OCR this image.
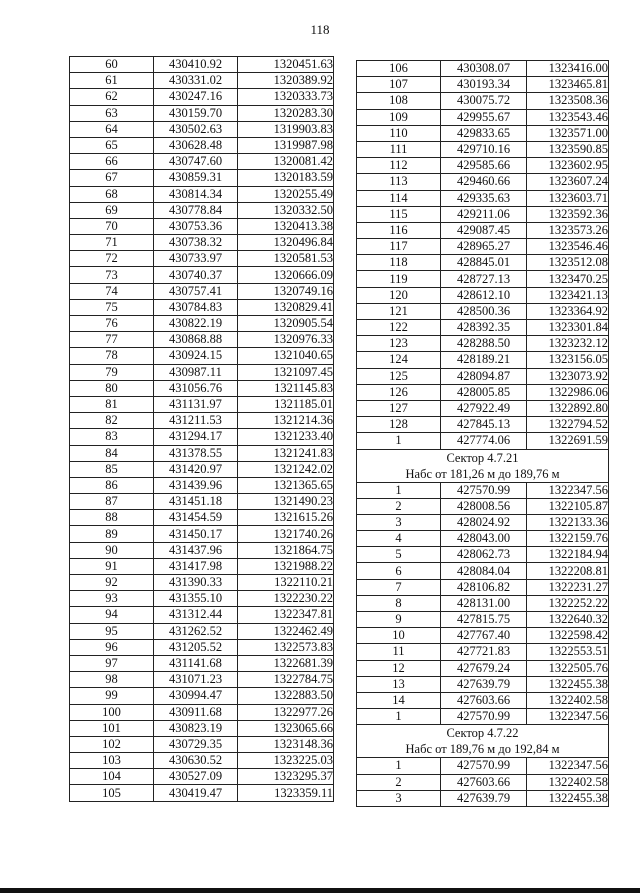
118
60	430410.92	1320451.63
61	430331.02	1320389.92
62	430247.16	1320333.73
63	430159.70	1320283.30
64	430502.63	1319903.83
65	430628.48	1319987.98
66	430747.60	1320081.42
67	430859.31	1320183.59
68	430814.34	1320255.49
69	430778.84	1320332.50
70	430753.36	1320413.38
71	430738.32	1320496.84
72	430733.97	1320581.53
73	430740.37	1320666.09
74	430757.41	1320749.16
75	430784.83	1320829.41
76	430822.19	1320905.54
77	430868.88	1320976.33
78	430924.15	1321040.65
79	430987.11	1321097.45
80	431056.76	1321145.83
81	431131.97	1321185.01
82	431211.53	1321214.36
83	431294.17	1321233.40
84	431378.55	1321241.83
85	431420.97	1321242.02
86	431439.96	1321365.65
87	431451.18	1321490.23
88	431454.59	1321615.26
89	431450.17	1321740.26
90	431437.96	1321864.75
91	431417.98	1321988.22
92	431390.33	1322110.21
93	431355.10	1322230.22
94	431312.44	1322347.81
95	431262.52	1322462.49
96	431205.52	1322573.83
97	431141.68	1322681.39
98	431071.23	1322784.75
99	430994.47	1322883.50
100	430911.68	1322977.26
101	430823.19	1323065.66
102	430729.35	1323148.36
103	430630.52	1323225.03
104	430527.09	1323295.37
105	430419.47	1323359.11
106	430308.07	1323416.00
107	430193.34	1323465.81
108	430075.72	1323508.36
109	429955.67	1323543.46
110	429833.65	1323571.00
111	429710.16	1323590.85
112	429585.66	1323602.95
113	429460.66	1323607.24
114	429335.63	1323603.71
115	429211.06	1323592.36
116	429087.45	1323573.26
117	428965.27	1323546.46
118	428845.01	1323512.08
119	428727.13	1323470.25
120	428612.10	1323421.13
121	428500.36	1323364.92
122	428392.35	1323301.84
123	428288.50	1323232.12
124	428189.21	1323156.05
125	428094.87	1323073.92
126	428005.85	1322986.06
127	427922.49	1322892.80
128	427845.13	1322794.52
1	427774.06	1322691.59
Сектор 4.7.21		
Набс от 181,26 м до 189,76 м		
1	427570.99	1322347.56
2	428008.56	1322105.87
3	428024.92	1322133.36
4	428043.00	1322159.76
5	428062.73	1322184.94
6	428084.04	1322208.81
7	428106.82	1322231.27
8	428131.00	1322252.22
9	427815.75	1322640.32
10	427767.40	1322598.42
11	427721.83	1322553.51
12	427679.24	1322505.76
13	427639.79	1322455.38
14	427603.66	1322402.58
1	427570.99	1322347.56
Сектор 4.7.22		
Набс от 189,76 м до 192,84 м		
1	427570.99	1322347.56
2	427603.66	1322402.58
3	427639.79	1322455.38
